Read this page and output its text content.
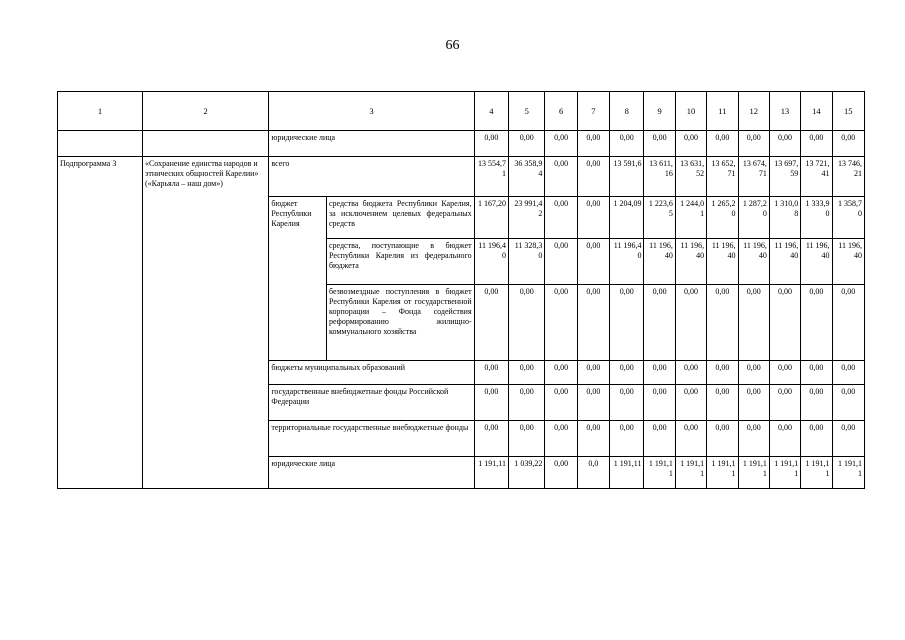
66
1	2	3		4	5	6	7	8	9	10	11	12	13	14	15
		юридические лица		0,00	0,00	0,00	0,00	0,00	0,00	0,00	0,00	0,00	0,00	0,00	0,00
Подпрограмма 3	«Сохранение единства народов и этнических общностей Карелии» («Карьяла – наш дом»)	всего		13 554,71	36 358,94	0,00	0,00	13 591,6	13 611,16	13 631,52	13 652,71	13 674,71	13 697,59	13 721,41	13 746,21
		бюджет Республики Карелия	средства бюджета Республики Карелия, за исключением целевых федеральных средств	1 167,20	23 991,42	0,00	0,00	1 204,09	1 223,65	1 244,01	1 265,20	1 287,20	1 310,08	1 333,90	1 358,70
			средства, поступающие в бюджет Республики Карелия из федерального бюджета	11 196,40	11 328,30	0,00	0,00	11 196,40	11 196,40	11 196,40	11 196,40	11 196,40	11 196,40	11 196,40	11 196,40
			безвозмездные поступления в бюджет Республики Карелия от государственной корпорации – Фонда содействия реформированию жилищно-коммунального хозяйства	0,00	0,00	0,00	0,00	0,00	0,00	0,00	0,00	0,00	0,00	0,00	0,00
		бюджеты муниципальных образований		0,00	0,00	0,00	0,00	0,00	0,00	0,00	0,00	0,00	0,00	0,00	0,00
		государственные внебюджетные фонды Российской Федерации		0,00	0,00	0,00	0,00	0,00	0,00	0,00	0,00	0,00	0,00	0,00	0,00
		территориальные государственные внебюджетные фонды		0,00	0,00	0,00	0,00	0,00	0,00	0,00	0,00	0,00	0,00	0,00	0,00
		юридические лица		1 191,11	1 039,22	0,00	0,0	1 191,11	1 191,11	1 191,11	1 191,11	1 191,11	1 191,11	1 191,11	1 191,11
